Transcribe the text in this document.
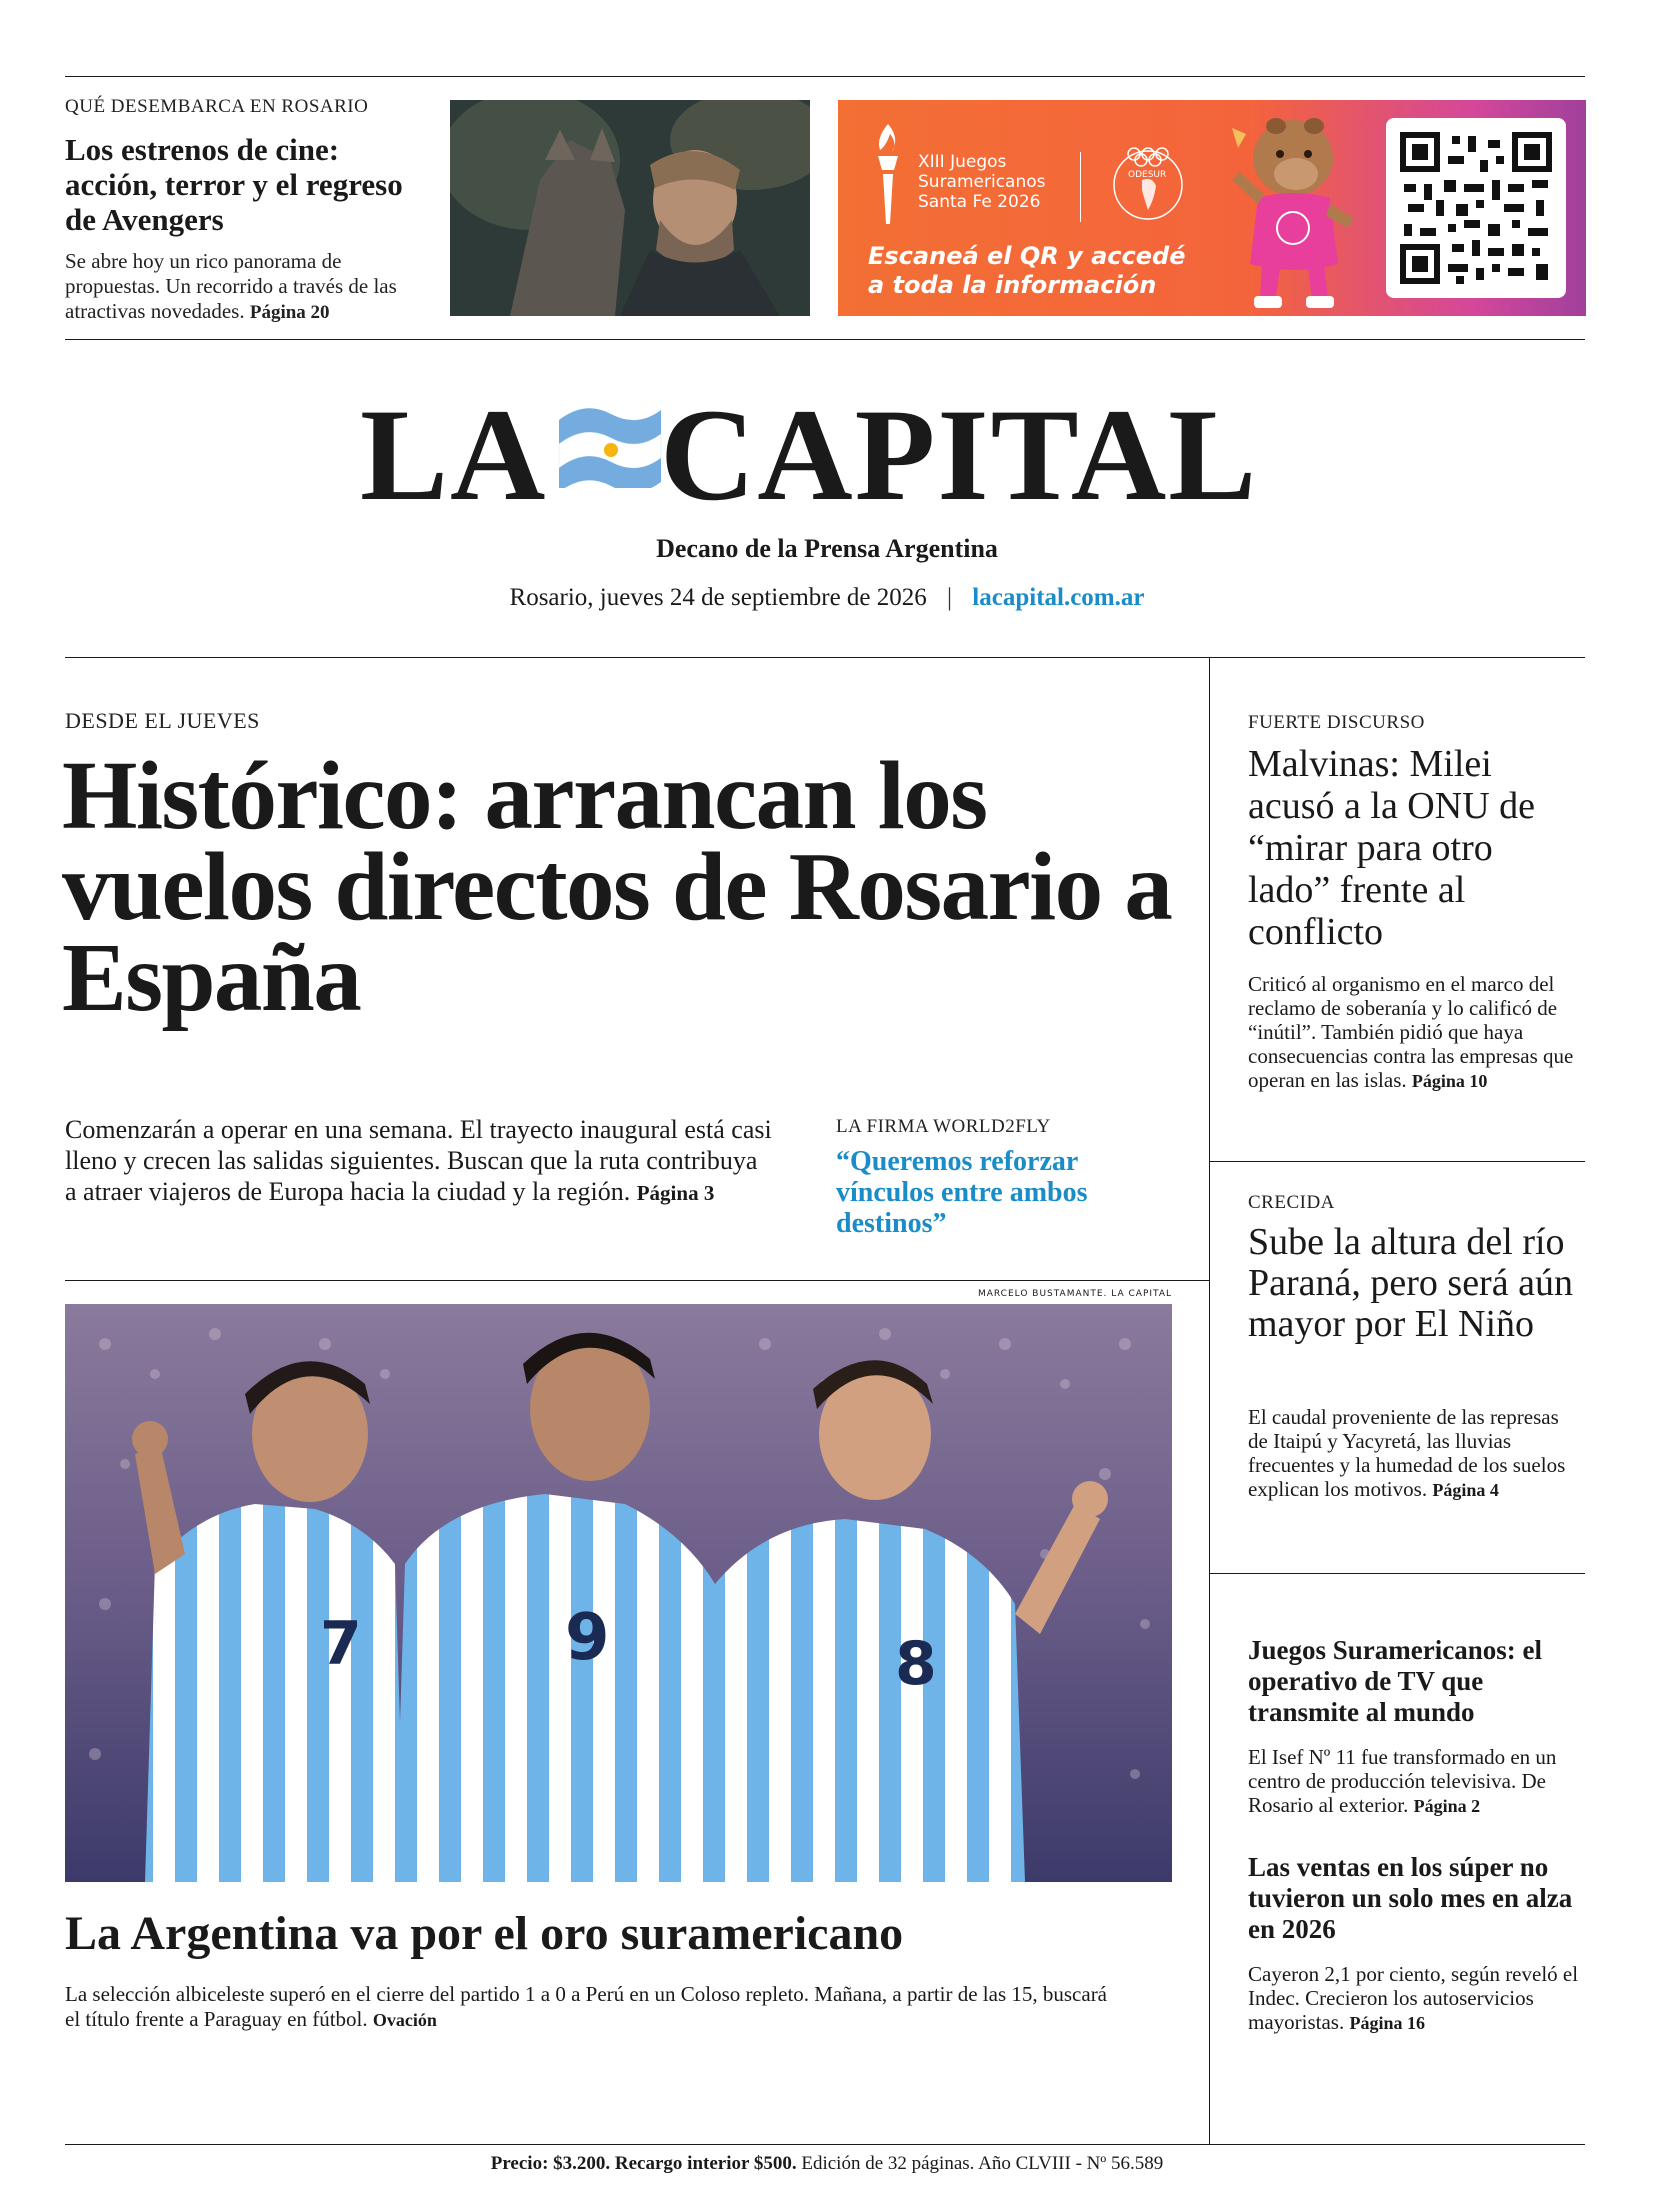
QUÉ DESEMBARCA EN ROSARIO
Los estrenos de cine: acción, terror y el regreso de Avengers
Se abre hoy un rico panorama de propuestas. Un recorrido a través de las atractivas novedades. Página 20
XIII Juegos
Suramericanos
Santa Fe 2026
ODESUR
Escaneá el QR y accedé
a toda la información
LA CAPITAL
Decano de la Prensa Argentina
Rosario, jueves 24 de septiembre de 2026 | lacapital.com.ar
DESDE EL JUEVES
Histórico: arrancan los vuelos directos de Rosario a España
Comenzarán a operar en una semana. El trayecto inaugural está casi lleno y crecen las salidas siguientes. Buscan que la ruta contribuya a atraer viajeros de Europa hacia la ciudad y la región. Página 3
LA FIRMA WORLD2FLY
“Queremos reforzar vínculos entre ambos destinos”
MARCELO BUSTAMANTE. LA CAPITAL
7	9	8
La Argentina va por el oro suramericano
La selección albiceleste superó en el cierre del partido 1 a 0 a Perú en un Coloso repleto. Mañana, a partir de las 15, buscará el título frente a Paraguay en fútbol. Ovación
FUERTE DISCURSO
Malvinas: Milei acusó a la ONU de “mirar para otro lado” frente al conflicto
Criticó al organismo en el marco del reclamo de soberanía y lo calificó de “inútil”. También pidió que haya consecuencias contra las empresas que operan en las islas. Página 10
CRECIDA
Sube la altura del río Paraná, pero será aún mayor por El Niño
El caudal proveniente de las represas de Itaipú y Yacyretá, las lluvias frecuentes y la humedad de los suelos explican los motivos. Página 4
Juegos Suramericanos: el operativo de TV que transmite al mundo
El Isef Nº 11 fue transformado en un centro de producción televisiva. De Rosario al exterior. Página 2
Las ventas en los súper no tuvieron un solo mes en alza en 2026
Cayeron 2,1 por ciento, según reveló el Indec. Crecieron los autoservicios mayoristas. Página 16
Precio: $3.200. Recargo interior $500. Edición de 32 páginas. Año CLVIII - Nº 56.589
